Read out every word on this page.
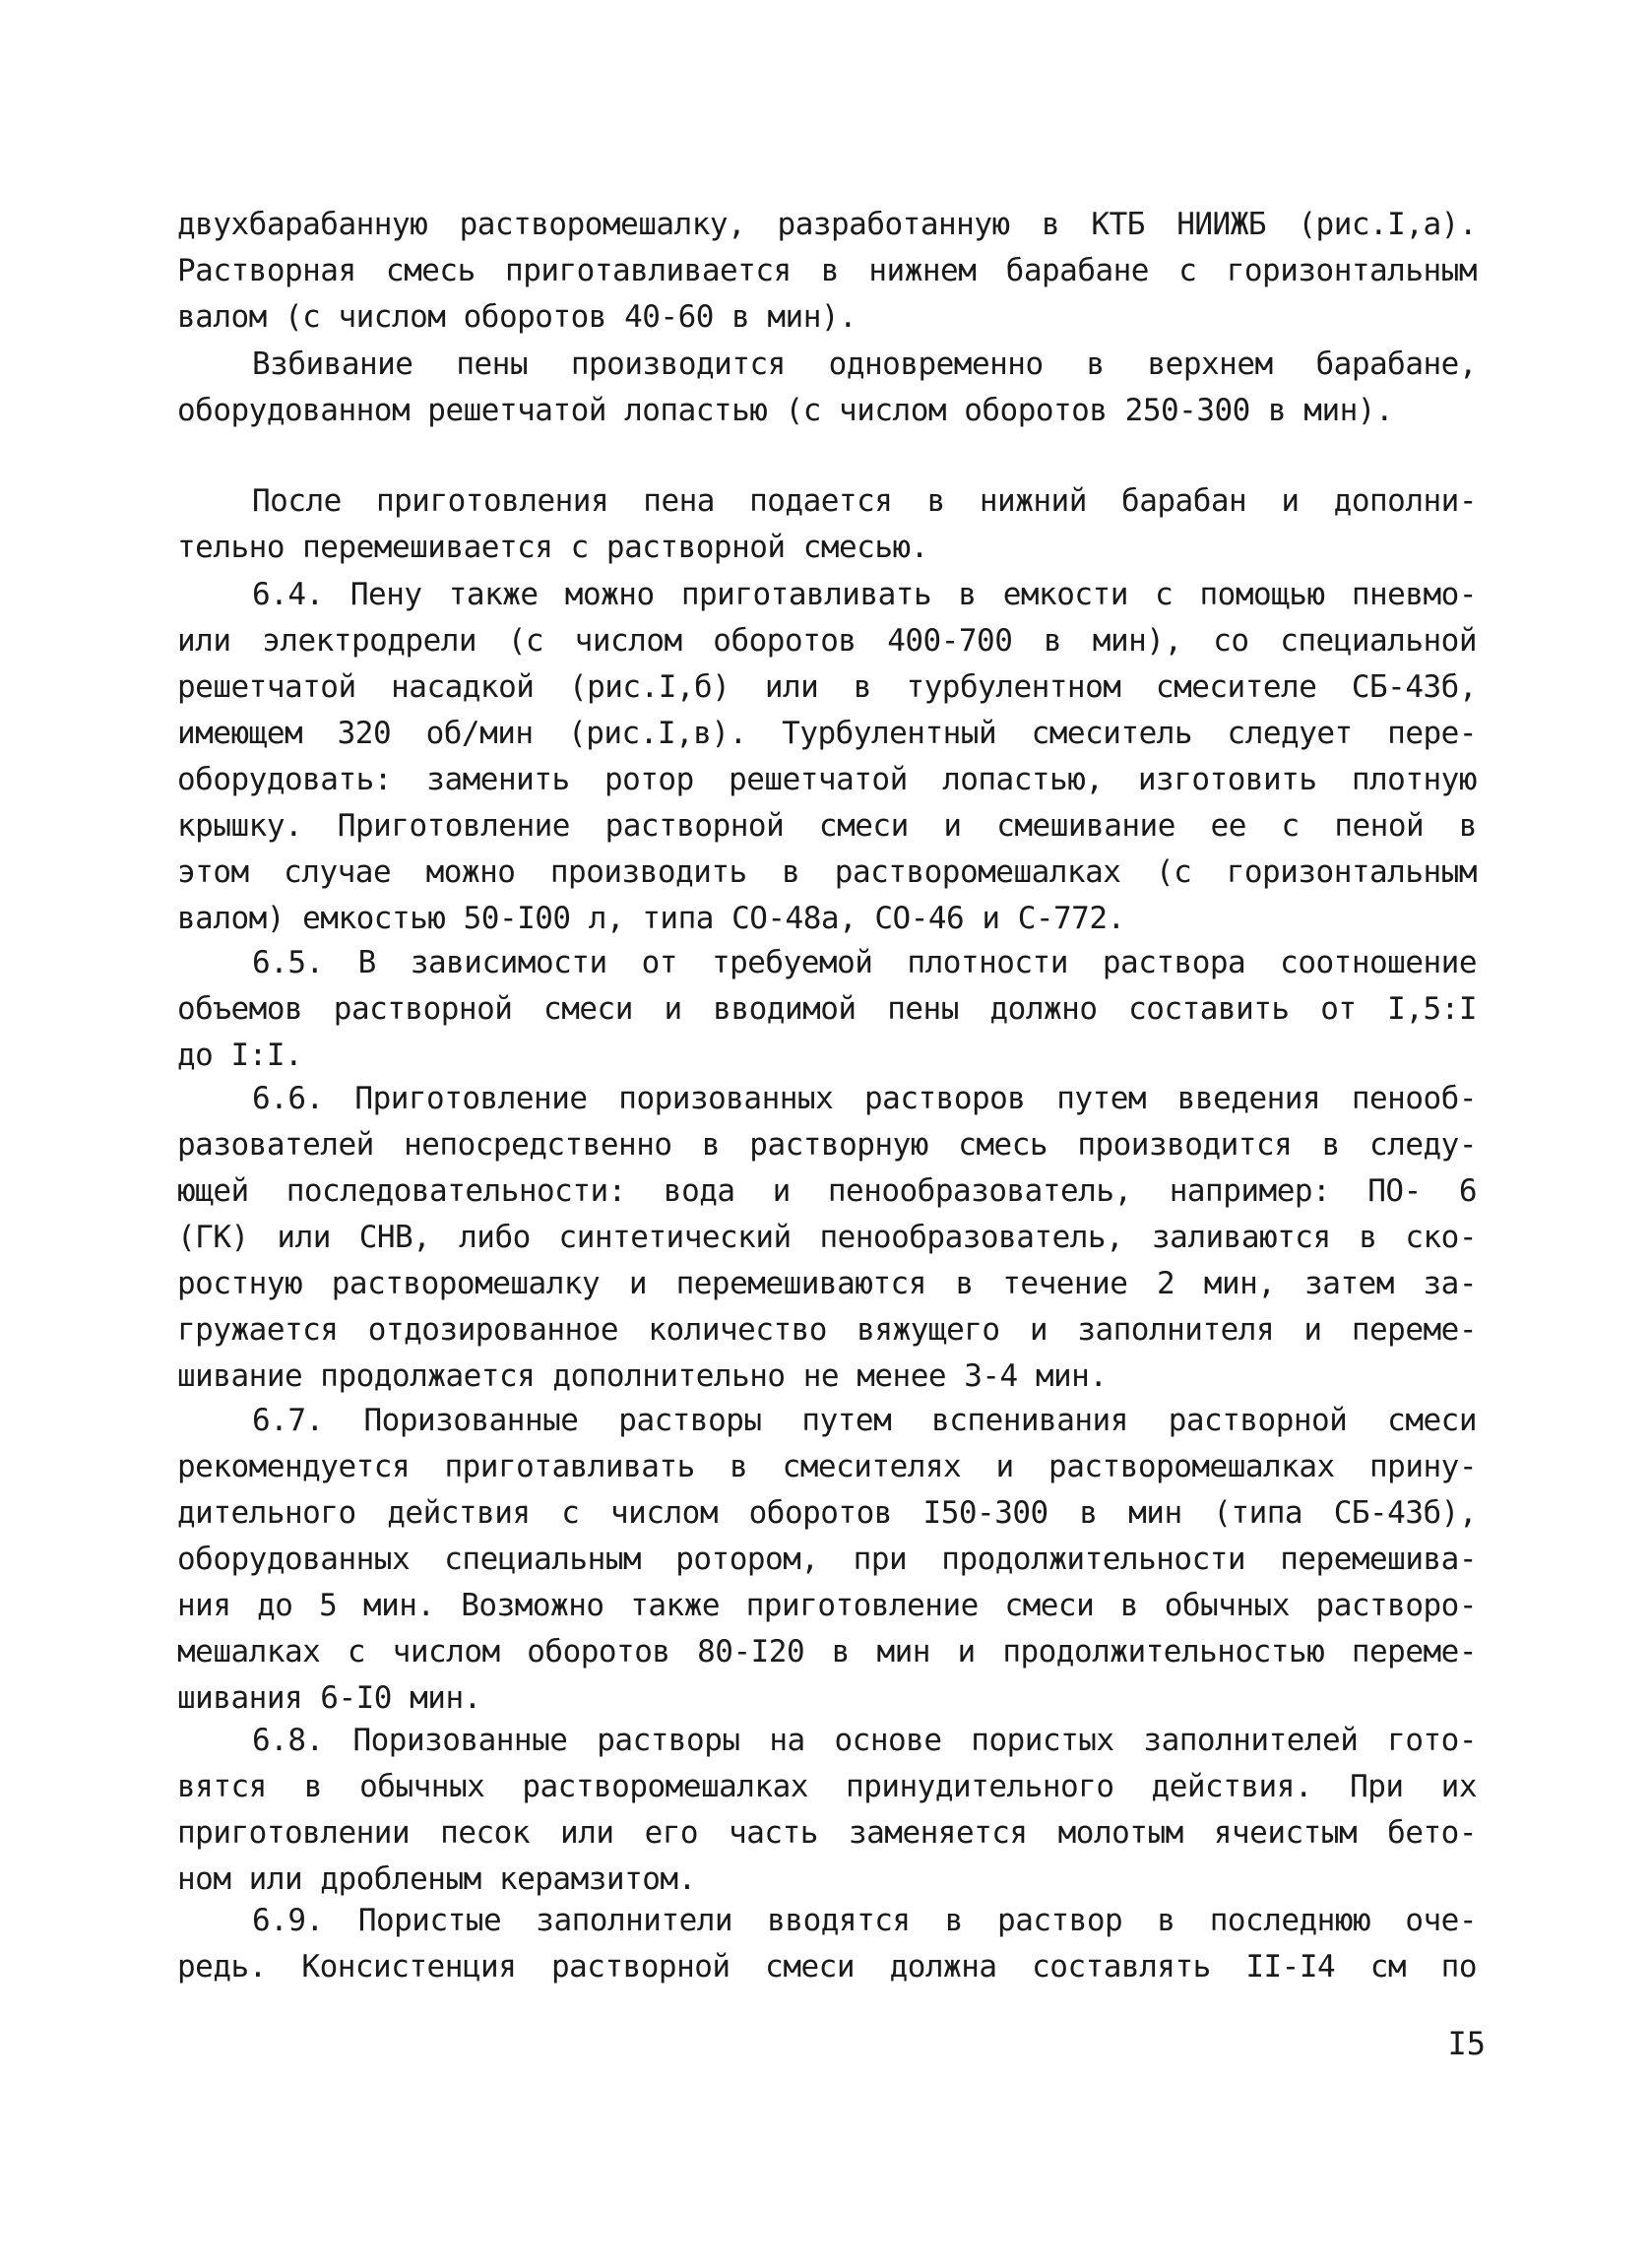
двухбарабанную растворомешалку, разработанную в КТБ НИИЖБ (рис.I,а).
Растворная смесь приготавливается в нижнем барабане с горизонтальным
валом (с числом оборотов 40-60 в мин).
Взбивание пены производится одновременно в верхнем барабане,
оборудованном решетчатой лопастью (с числом оборотов 250-300 в мин).
После приготовления пена подается в нижний барабан и дополни-
тельно перемешивается с растворной смесью.
6.4. Пену также можно приготавливать в емкости с помощью пневмо-
или электродрели (с числом оборотов 400-700 в мин), со специальной
решетчатой насадкой (рис.I,б) или в турбулентном смесителе СБ-43б,
имеющем 320 об/мин (рис.I,в). Турбулентный смеситель следует пере-
оборудовать: заменить ротор решетчатой лопастью, изготовить плотную
крышку. Приготовление растворной смеси и смешивание ее с пеной в
этом случае можно производить в растворомешалках (с горизонтальным
валом) емкостью 50-I00 л, типа СО-48а, СО-46 и С-772.
6.5. В зависимости от требуемой плотности раствора соотношение
объемов растворной смеси и вводимой пены должно составить от I,5:I
до I:I.
6.6. Приготовление поризованных растворов путем введения пенооб-
разователей непосредственно в растворную смесь производится в следу-
ющей последовательности: вода и пенообразователь, например: ПО- 6
(ГК) или СНВ, либо синтетический пенообразователь, заливаются в ско-
ростную растворомешалку и перемешиваются в течение 2 мин, затем за-
гружается отдозированное количество вяжущего и заполнителя и переме-
шивание продолжается дополнительно не менее 3-4 мин.
6.7. Поризованные растворы путем вспенивания растворной смеси
рекомендуется приготавливать в смесителях и растворомешалках прину-
дительного действия с числом оборотов I50-300 в мин (типа СБ-43б),
оборудованных специальным ротором, при продолжительности перемешива-
ния до 5 мин. Возможно также приготовление смеси в обычных растворо-
мешалках с числом оборотов 80-I20 в мин и продолжительностью переме-
шивания 6-I0 мин.
6.8. Поризованные растворы на основе пористых заполнителей гото-
вятся в обычных растворомешалках принудительного действия. При их
приготовлении песок или его часть заменяется молотым ячеистым бето-
ном или дробленым керамзитом.
6.9. Пористые заполнители вводятся в раствор в последнюю оче-
редь. Консистенция растворной смеси должна составлять II-I4 см по
I5
